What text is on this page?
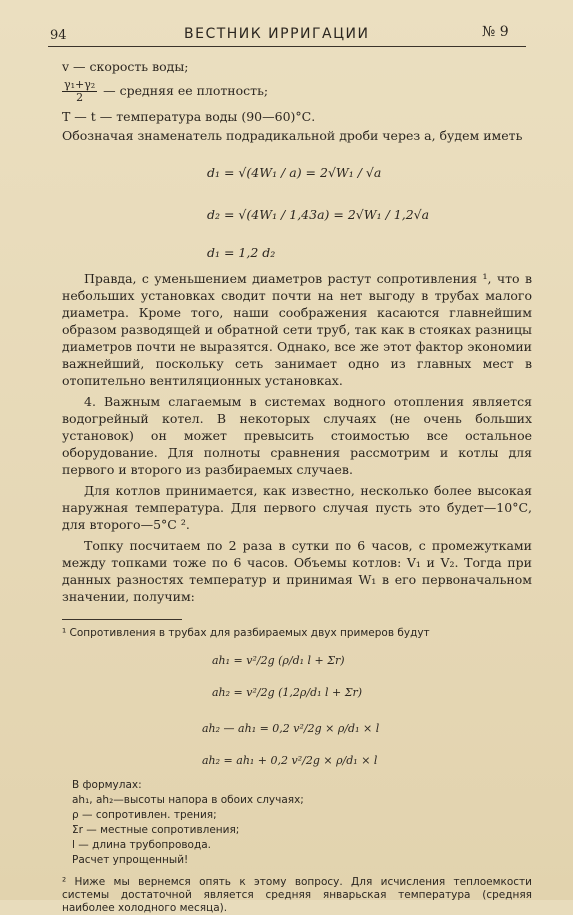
94	ВЕСТНИК ИРРИГАЦИИ	№ 9
v — скорость воды;
$\frac{\text{γ₁+γ₂}}{2}$ — средняя ее плотность;
T — t — температура воды (90—60)°С.
Обозначая знаменатель подрадикальной дроби через a, будем иметь
d₁ = √(4W₁ / a) = 2√W₁ / √a
d₂ = √(4W₁ / 1,43a) = 2√W₁ / 1,2√a
d₁ = 1,2 d₂

Правда, с уменьшением диаметров растут сопротивления ¹, что в небольших установках сводит почти на нет выгоду в трубах малого диаметра. Кроме того, наши соображения касаются главнейшим образом разводящей и обратной сети труб, так как в стояках разницы диаметров почти не выразятся. Однако, все же этот фактор экономии важнейший, поскольку сеть занимает одно из главных мест в отопительно вентиляционных установках.

4. Важным слагаемым в системах водного отопления является водогрейный котел. В некоторых случаях (не очень больших установок) он может превысить стоимостью все остальное оборудование. Для полноты сравнения рассмотрим и котлы для первого и второго из разбираемых случаев.

Для котлов принимается, как известно, несколько более высокая наружная температура. Для первого случая пусть это будет—10°С, для второго—5°С ².

Топку посчитаем по 2 раза в сутки по 6 часов, с промежутками между топками тоже по 6 часов. Объемы котлов: V₁ и V₂. Тогда при данных разностях температур и принимая W₁ в его первоначальном значении, получим:

¹ Сопротивления в трубах для разбираемых двух примеров будут
ah₁ = v²/2g (ρ/d₁ l + Σr)
ah₂ = v²/2g (1,2ρ/d₁ l + Σr)
ah₂ — ah₁ = 0,2 v²/2g × ρ/d₁ × l
ah₂ = ah₁ + 0,2 v²/2g × ρ/d₁ × l
В формулах:
ah₁, ah₂—высоты напора в обоих случаях;
ρ — сопротивлен. трения;
Σr — местные сопротивления;
l — длина трубопровода.
Расчет упрощенный!
² Ниже мы вернемся опять к этому вопросу. Для исчисления теплоемкости системы достаточной является средняя январьская температура (средняя наиболее холодного месяца).
